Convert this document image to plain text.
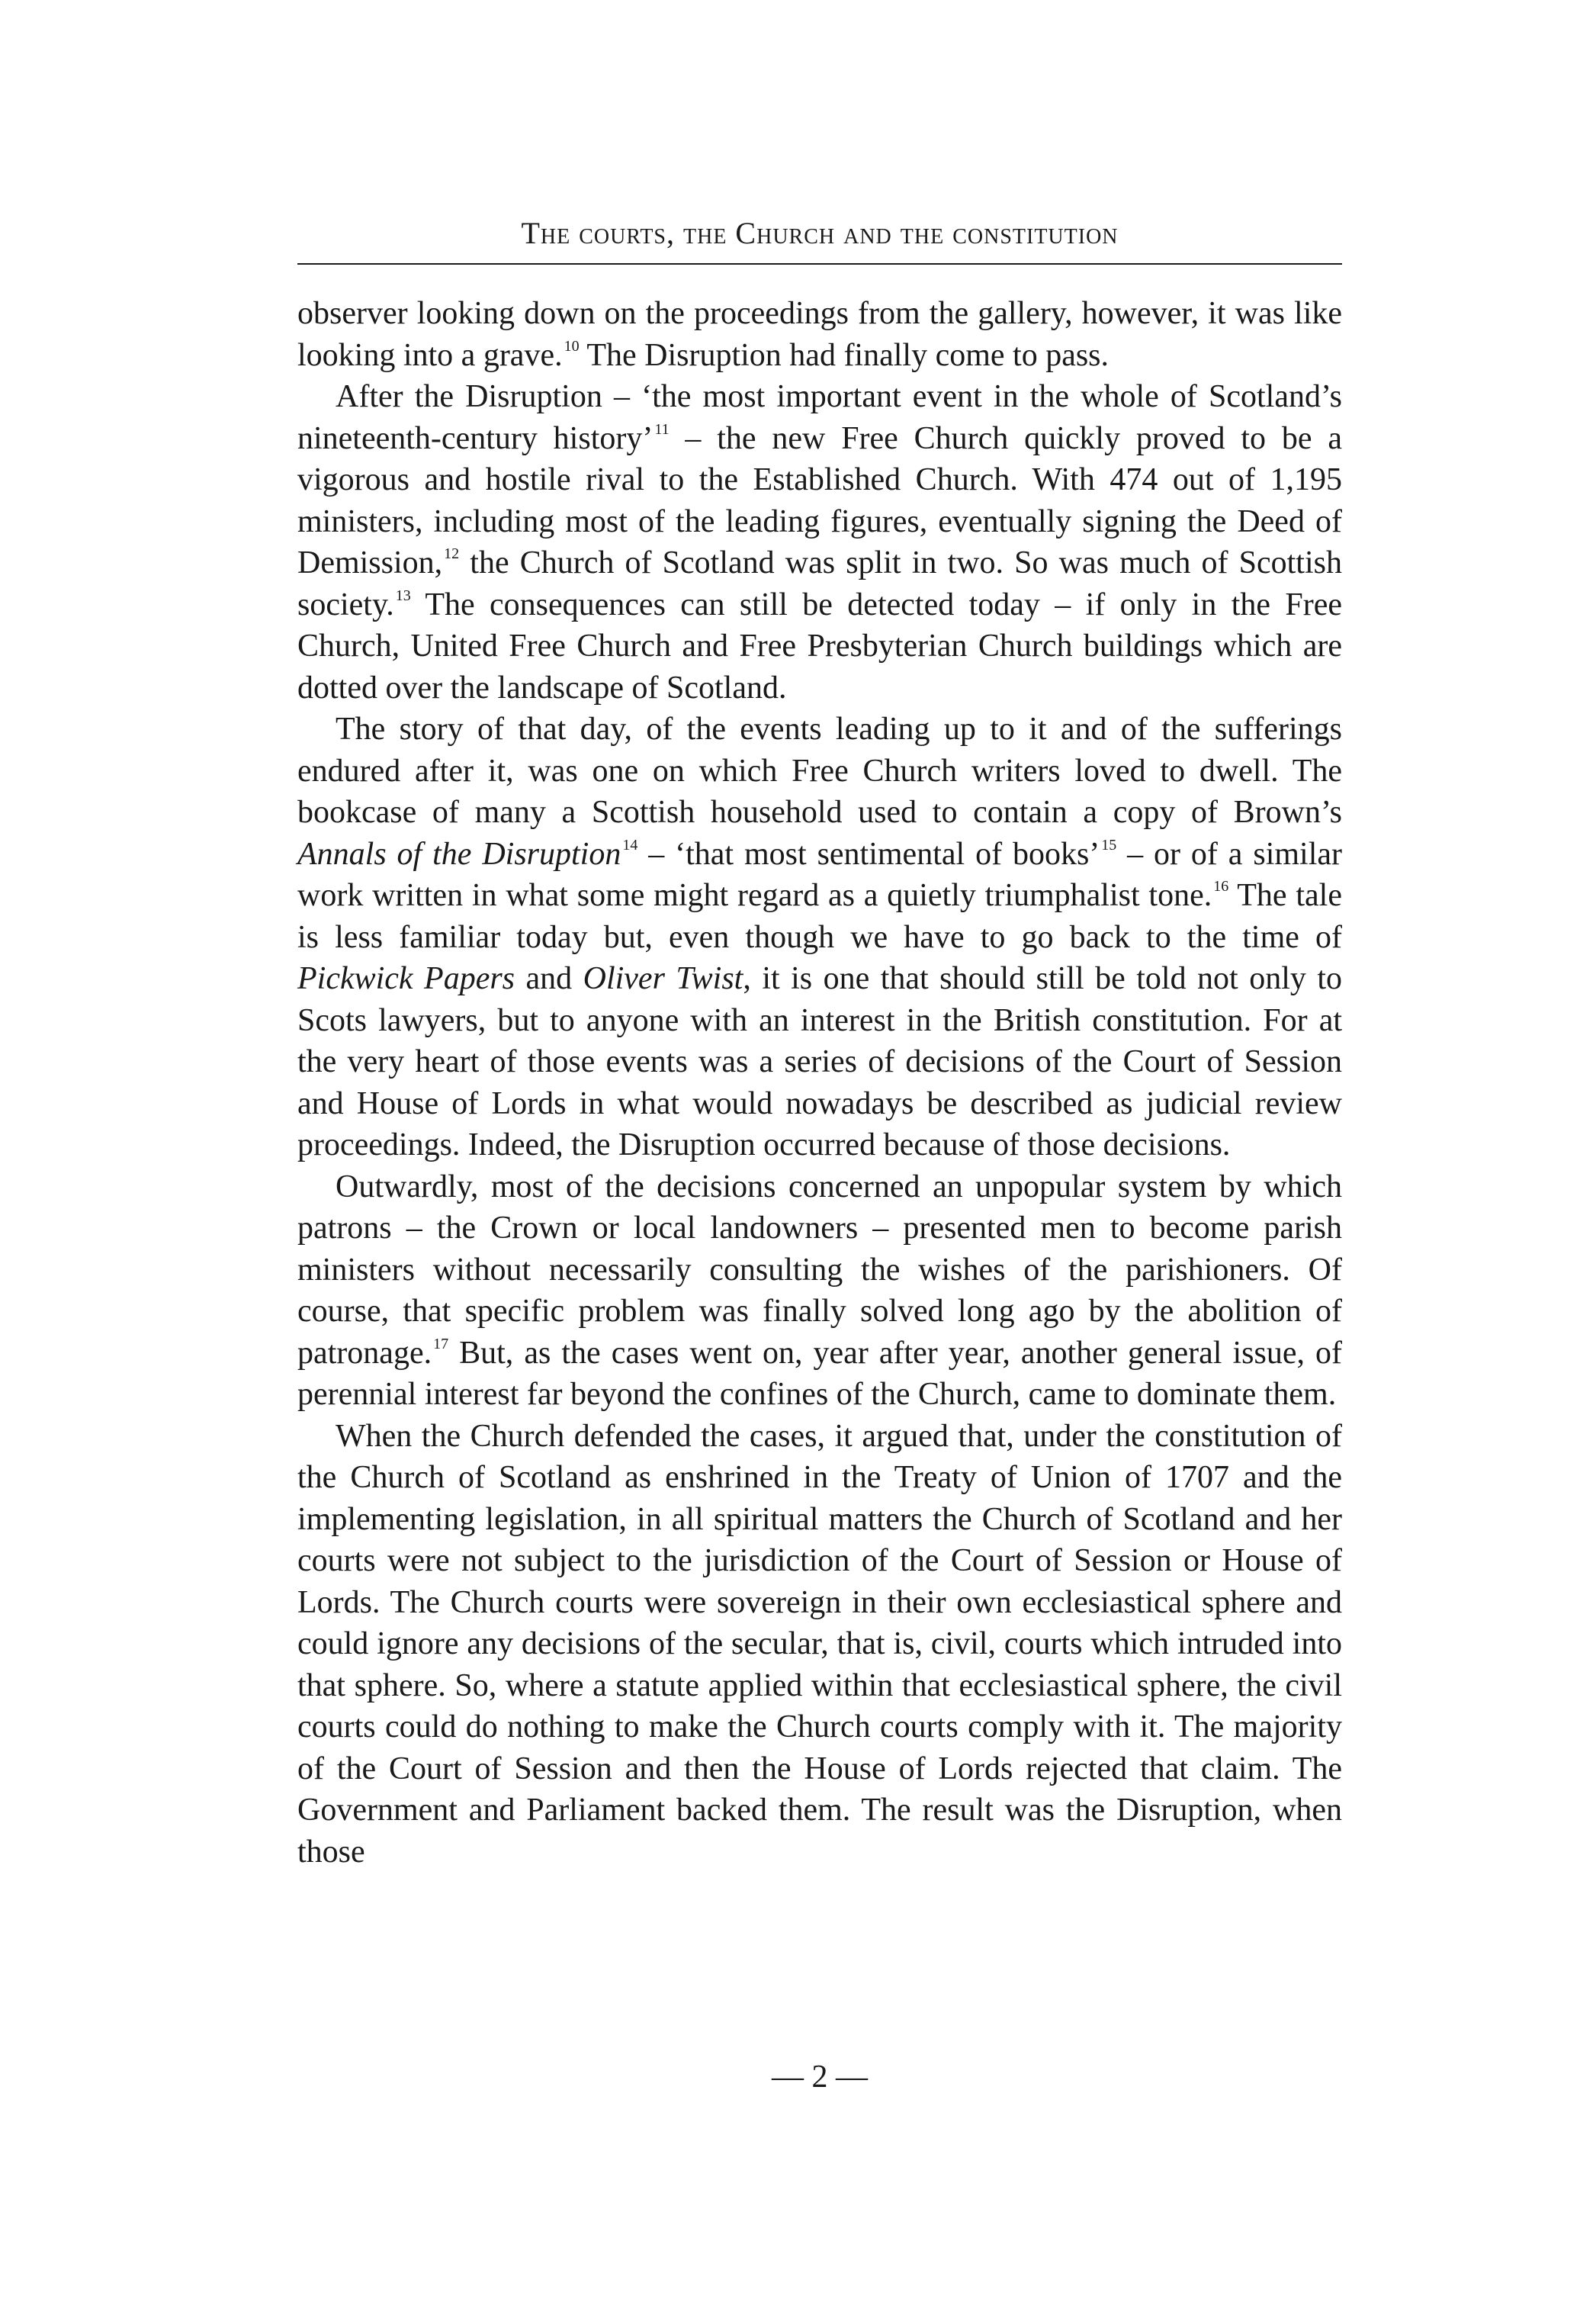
The courts, the Church and the constitution

observer looking down on the proceedings from the gallery, however, it was like looking into a grave. $^{10}$ The Disruption had finally come to pass.

After the Disruption – ‘the most important event in the whole of Scotland’s nineteenth-century history’ $^{11}$ – the new Free Church quickly proved to be a vigorous and hostile rival to the Established Church. With 474 out of 1,195 ministers, including most of the leading figures, eventually signing the Deed of Demission, $^{12}$ the Church of Scotland was split in two. So was much of Scottish society. $^{13}$ The consequences can still be detected today – if only in the Free Church, United Free Church and Free Presbyterian Church buildings which are dotted over the landscape of Scotland.

The story of that day, of the events leading up to it and of the sufferings endured after it, was one on which Free Church writers loved to dwell. The bookcase of many a Scottish household used to contain a copy of Brown’s Annals of the Disruption $^{14}$ – ‘that most sentimental of books’ $^{15}$ – or of a similar work written in what some might regard as a quietly triumphalist tone. $^{16}$ The tale is less familiar today but, even though we have to go back to the time of Pickwick Papers and Oliver Twist, it is one that should still be told not only to Scots lawyers, but to anyone with an interest in the British constitution. For at the very heart of those events was a series of decisions of the Court of Session and House of Lords in what would nowadays be described as judicial review proceedings. Indeed, the Disruption occurred because of those decisions.

Outwardly, most of the decisions concerned an unpopular system by which patrons – the Crown or local landowners – presented men to become parish ministers without necessarily consulting the wishes of the parishioners. Of course, that specific problem was finally solved long ago by the abolition of patronage. $^{17}$ But, as the cases went on, year after year, another general issue, of perennial interest far beyond the confines of the Church, came to dominate them.

When the Church defended the cases, it argued that, under the constitution of the Church of Scotland as enshrined in the Treaty of Union of 1707 and the implementing legislation, in all spiritual matters the Church of Scotland and her courts were not subject to the jurisdiction of the Court of Session or House of Lords. The Church courts were sovereign in their own ecclesiastical sphere and could ignore any decisions of the secular, that is, civil, courts which intruded into that sphere. So, where a statute applied within that ecclesiastical sphere, the civil courts could do nothing to make the Church courts comply with it. The majority of the Court of Session and then the House of Lords rejected that claim. The Government and Parliament backed them. The result was the Disruption, when those

— 2 —
